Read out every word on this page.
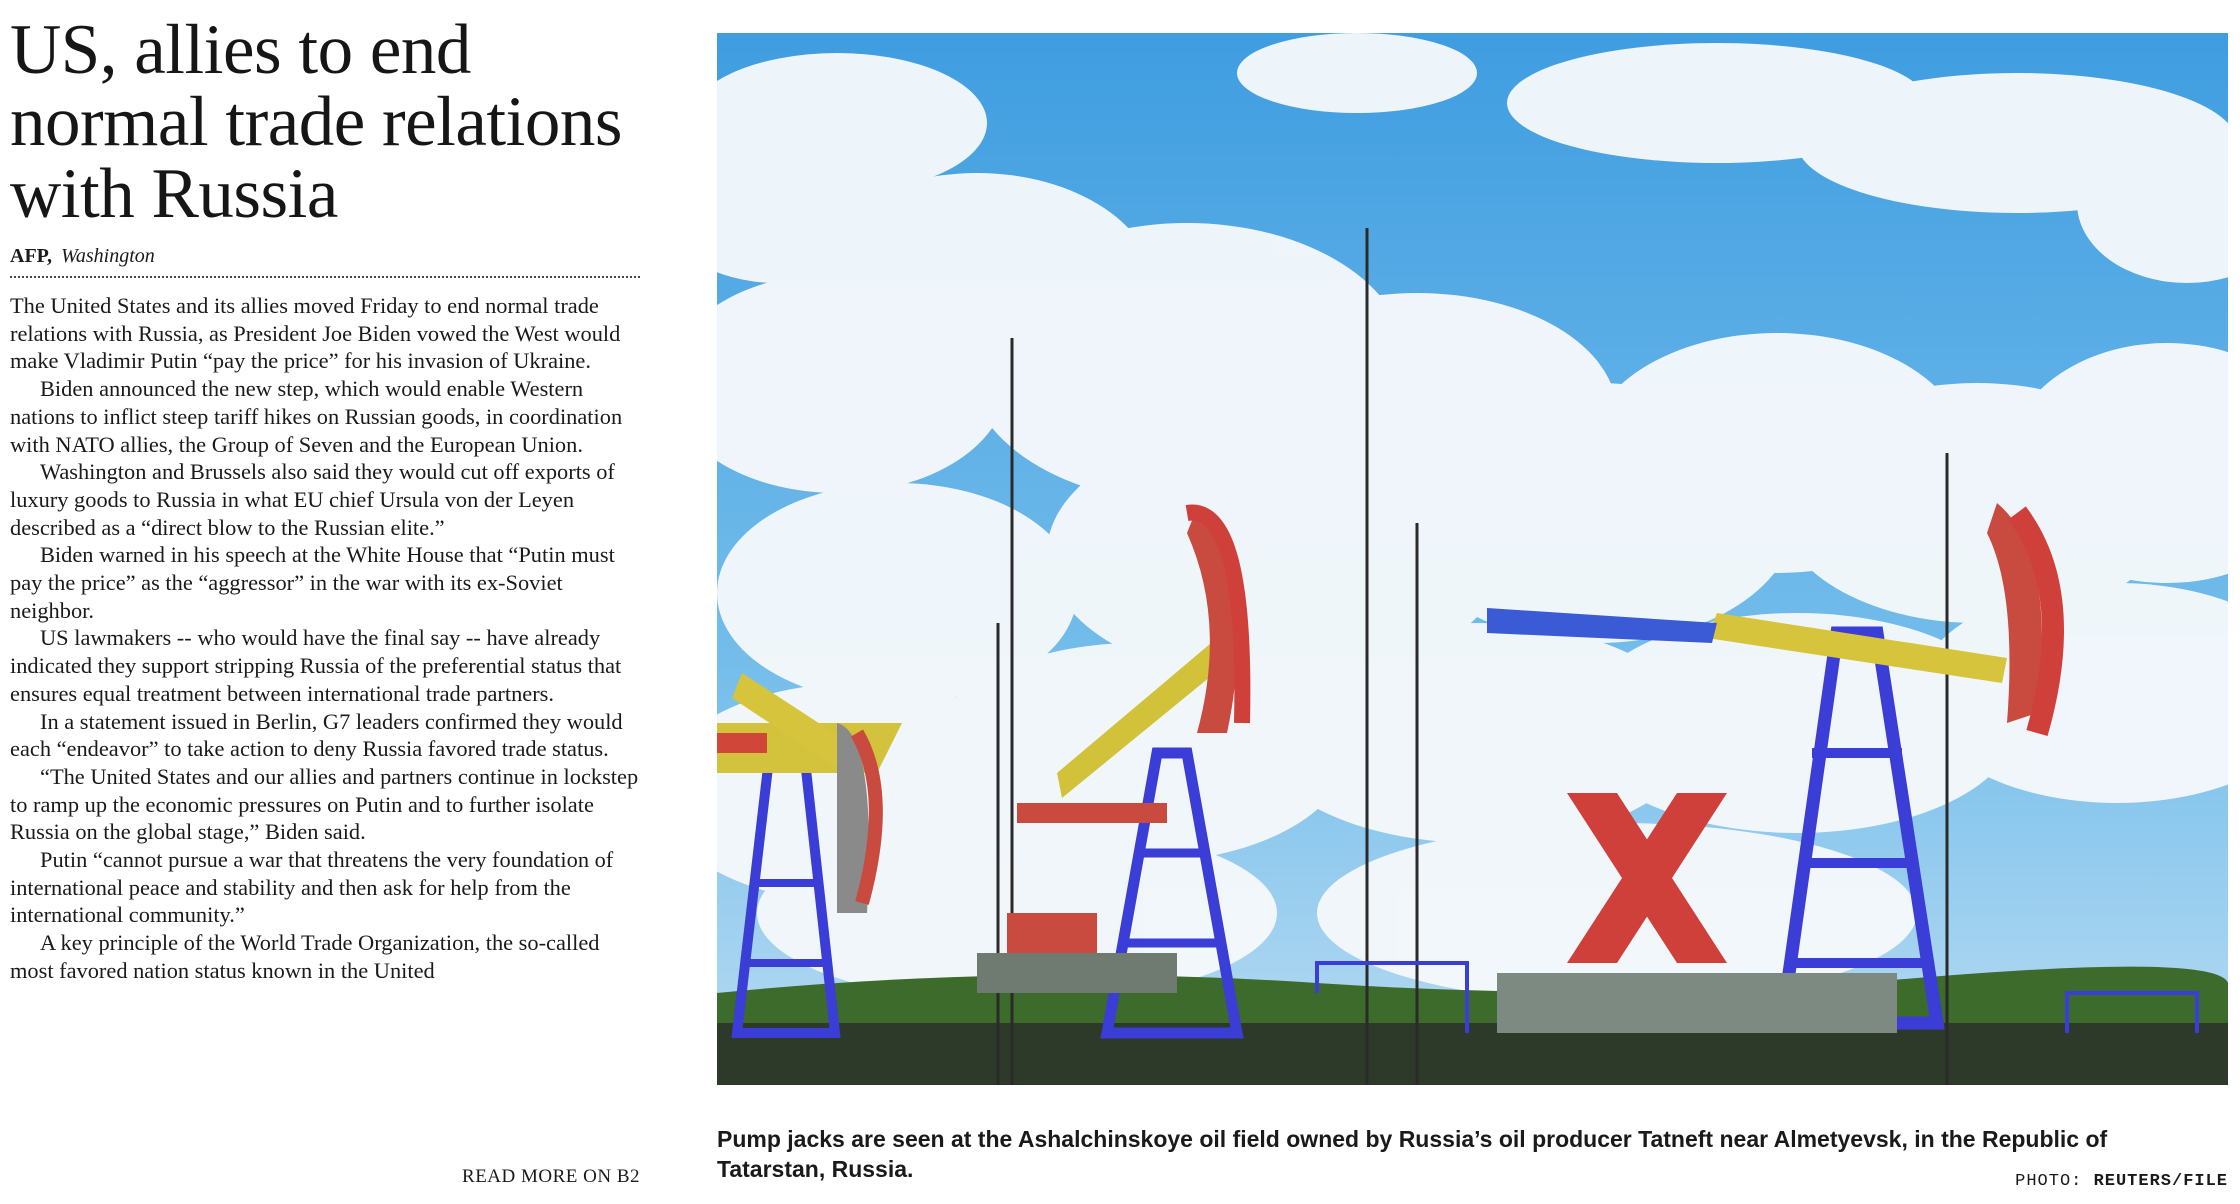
US, allies to end normal trade relations with Russia
AFP, Washington

The United States and its allies moved Friday to end normal trade relations with Russia, as President Joe Biden vowed the West would make Vladimir Putin “pay the price” for his invasion of Ukraine.

Biden announced the new step, which would enable Western nations to inflict steep tariff hikes on Russian goods, in coordination with NATO allies, the Group of Seven and the European Union.

Washington and Brussels also said they would cut off exports of luxury goods to Russia in what EU chief Ursula von der Leyen described as a “direct blow to the Russian elite.”

Biden warned in his speech at the White House that “Putin must pay the price” as the “aggressor” in the war with its ex-Soviet neighbor.

US lawmakers -- who would have the final say -- have already indicated they support stripping Russia of the preferential status that ensures equal treatment between international trade partners.

In a statement issued in Berlin, G7 leaders confirmed they would each “endeavor” to take action to deny Russia favored trade status.

“The United States and our allies and partners continue in lockstep to ramp up the economic pressures on Putin and to further isolate Russia on the global stage,” Biden said.

Putin “cannot pursue a war that threatens the very foundation of international peace and stability and then ask for help from the international community.”

A key principle of the World Trade Organization, the so-called most favored nation status known in the United

READ MORE ON B2
Pump jacks are seen at the Ashalchinskoye oil field owned by Russia’s oil producer Tatneft near Almetyevsk, in the Republic of Tatarstan, Russia.	PHOTO: REUTERS/FILE
